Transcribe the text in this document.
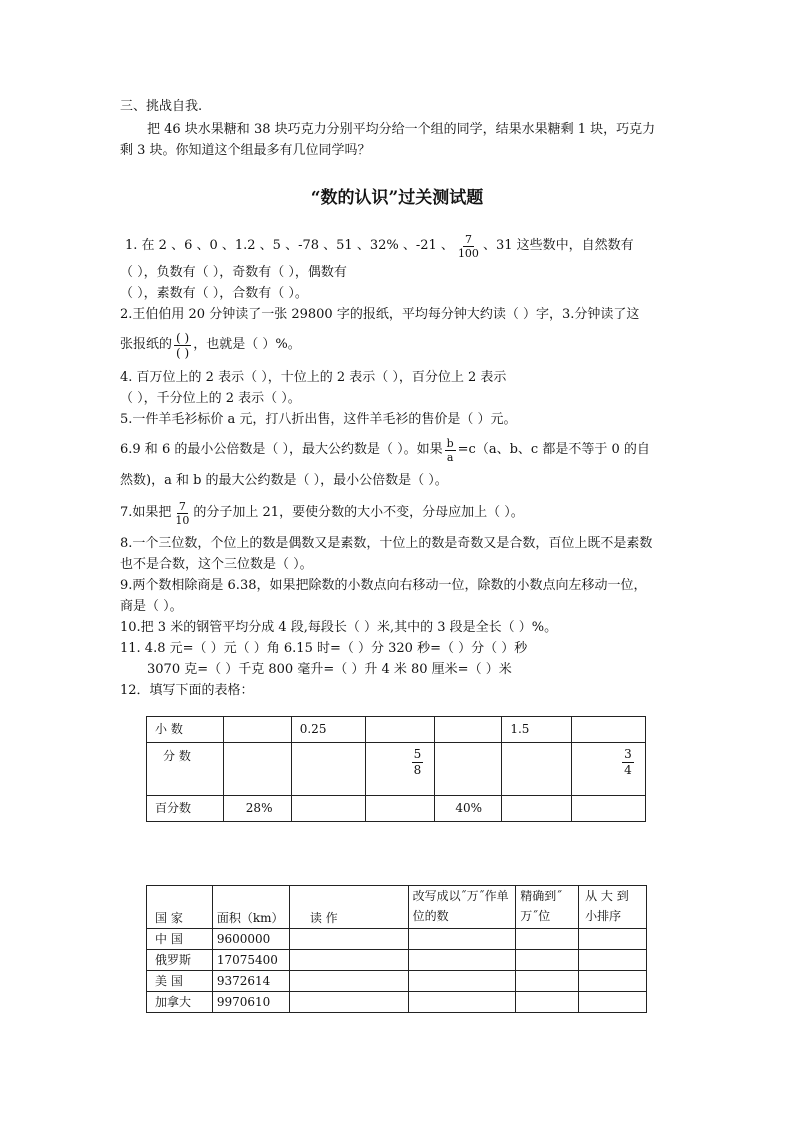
三、挑战自我.
把 46 块水果糖和 38 块巧克力分别平均分给一个组的同学，结果水果糖剩 1 块，巧克力
剩 3 块。你知道这个组最多有几位同学吗？
“数的认识”过关测试题
1. 在 2 、6 、0 、1.2 、5 、-78 、51 、32% 、-21 、 $\frac{7}{100}$ 、31 这些数中，自然数有
（ ），负数有（ ），奇数有（ ），偶数有
（ ），素数有（ ），合数有（ ）。
2.王伯伯用 20 分钟读了一张 29800 字的报纸，平均每分钟大约读（ ）字，3.分钟读了这
张报纸的 $\frac{( )}{( )}$ ，也就是（ ）%。
4. 百万位上的 2 表示（ ），十位上的 2 表示（ ），百分位上 2 表示
（ ），千分位上的 2 表示（ ）。
5.一件羊毛衫标价 a 元，打八折出售，这件羊毛衫的售价是（ ）元。
6.9 和 6 的最小公倍数是（ ），最大公约数是（ ）。如果 $\frac{b}{a} =c(a$、b、c 都是不等于 0 的自
然数)，a 和 b 的最大公约数是（ ），最小公倍数是（ ）。
7.如果把 $\frac{7}{10}$ 的分子加上 21，要使分数的大小不变，分母应加上（ ）。
8.一个三位数，个位上的数是偶数又是素数，十位上的数是奇数又是合数，百位上既不是素数
也不是合数，这个三位数是（ ）。
9.两个数相除商是 6.38，如果把除数的小数点向右移动一位，除数的小数点向左移动一位，
商是（ ）。
10.把 3 米的钢管平均分成 4 段,每段长（ ）米,其中的 3 段是全长（ ）%。
11. 4.8 元=（ ）元（ ）角 6.15 时=（ ）分 320 秒=（ ）分（ ）秒
3070 克=（ ）千克 800 毫升=（ ）升 4 米 80 厘米=（ ）米
12．填写下面的表格：
小 数		0.25			1.5	
分 数			$\frac{5}{8}$			$\frac{3}{4}$

百分数	28%			40%		
国 家	面积（km）	读 作	改写成以˝万˝作单位的数	精确到˝万˝位	从 大 到 小排序
中 国	9600000				
俄罗斯	17075400				
美 国	9372614				
加拿大	9970610				
